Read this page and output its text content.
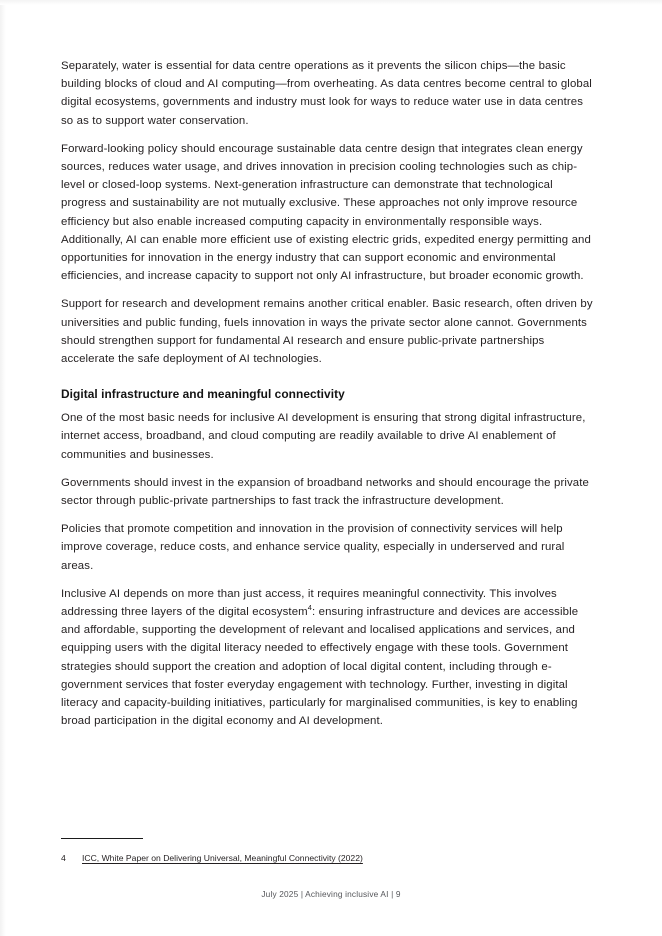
Separately, water is essential for data centre operations as it prevents the silicon chips—the basic building blocks of cloud and AI computing—from overheating. As data centres become central to global digital ecosystems, governments and industry must look for ways to reduce water use in data centres so as to support water conservation.

Forward-looking policy should encourage sustainable data centre design that integrates clean energy sources, reduces water usage, and drives innovation in precision cooling technologies such as chip-level or closed-loop systems. Next-generation infrastructure can demonstrate that technological progress and sustainability are not mutually exclusive. These approaches not only improve resource efficiency but also enable increased computing capacity in environmentally responsible ways. Additionally, AI can enable more efficient use of existing electric grids, expedited energy permitting and opportunities for innovation in the energy industry that can support economic and environmental efficiencies, and increase capacity to support not only AI infrastructure, but broader economic growth.

Support for research and development remains another critical enabler. Basic research, often driven by universities and public funding, fuels innovation in ways the private sector alone cannot. Governments should strengthen support for fundamental AI research and ensure public-private partnerships accelerate the safe deployment of AI technologies.

Digital infrastructure and meaningful connectivity

One of the most basic needs for inclusive AI development is ensuring that strong digital infrastructure, internet access, broadband, and cloud computing are readily available to drive AI enablement of communities and businesses.

Governments should invest in the expansion of broadband networks and should encourage the private sector through public-private partnerships to fast track the infrastructure development.

Policies that promote competition and innovation in the provision of connectivity services will help improve coverage, reduce costs, and enhance service quality, especially in underserved and rural areas.

Inclusive AI depends on more than just access, it requires meaningful connectivity. This involves addressing three layers of the digital ecosystem$^4$: ensuring infrastructure and devices are accessible and affordable, supporting the development of relevant and localised applications and services, and equipping users with the digital literacy needed to effectively engage with these tools. Government strategies should support the creation and adoption of local digital content, including through e-government services that foster everyday engagement with technology. Further, investing in digital literacy and capacity-building initiatives, particularly for marginalised communities, is key to enabling broad participation in the digital economy and AI development.

4	ICC, White Paper on Delivering Universal, Meaningful Connectivity (2022)
July 2025 | Achieving inclusive AI | 9
